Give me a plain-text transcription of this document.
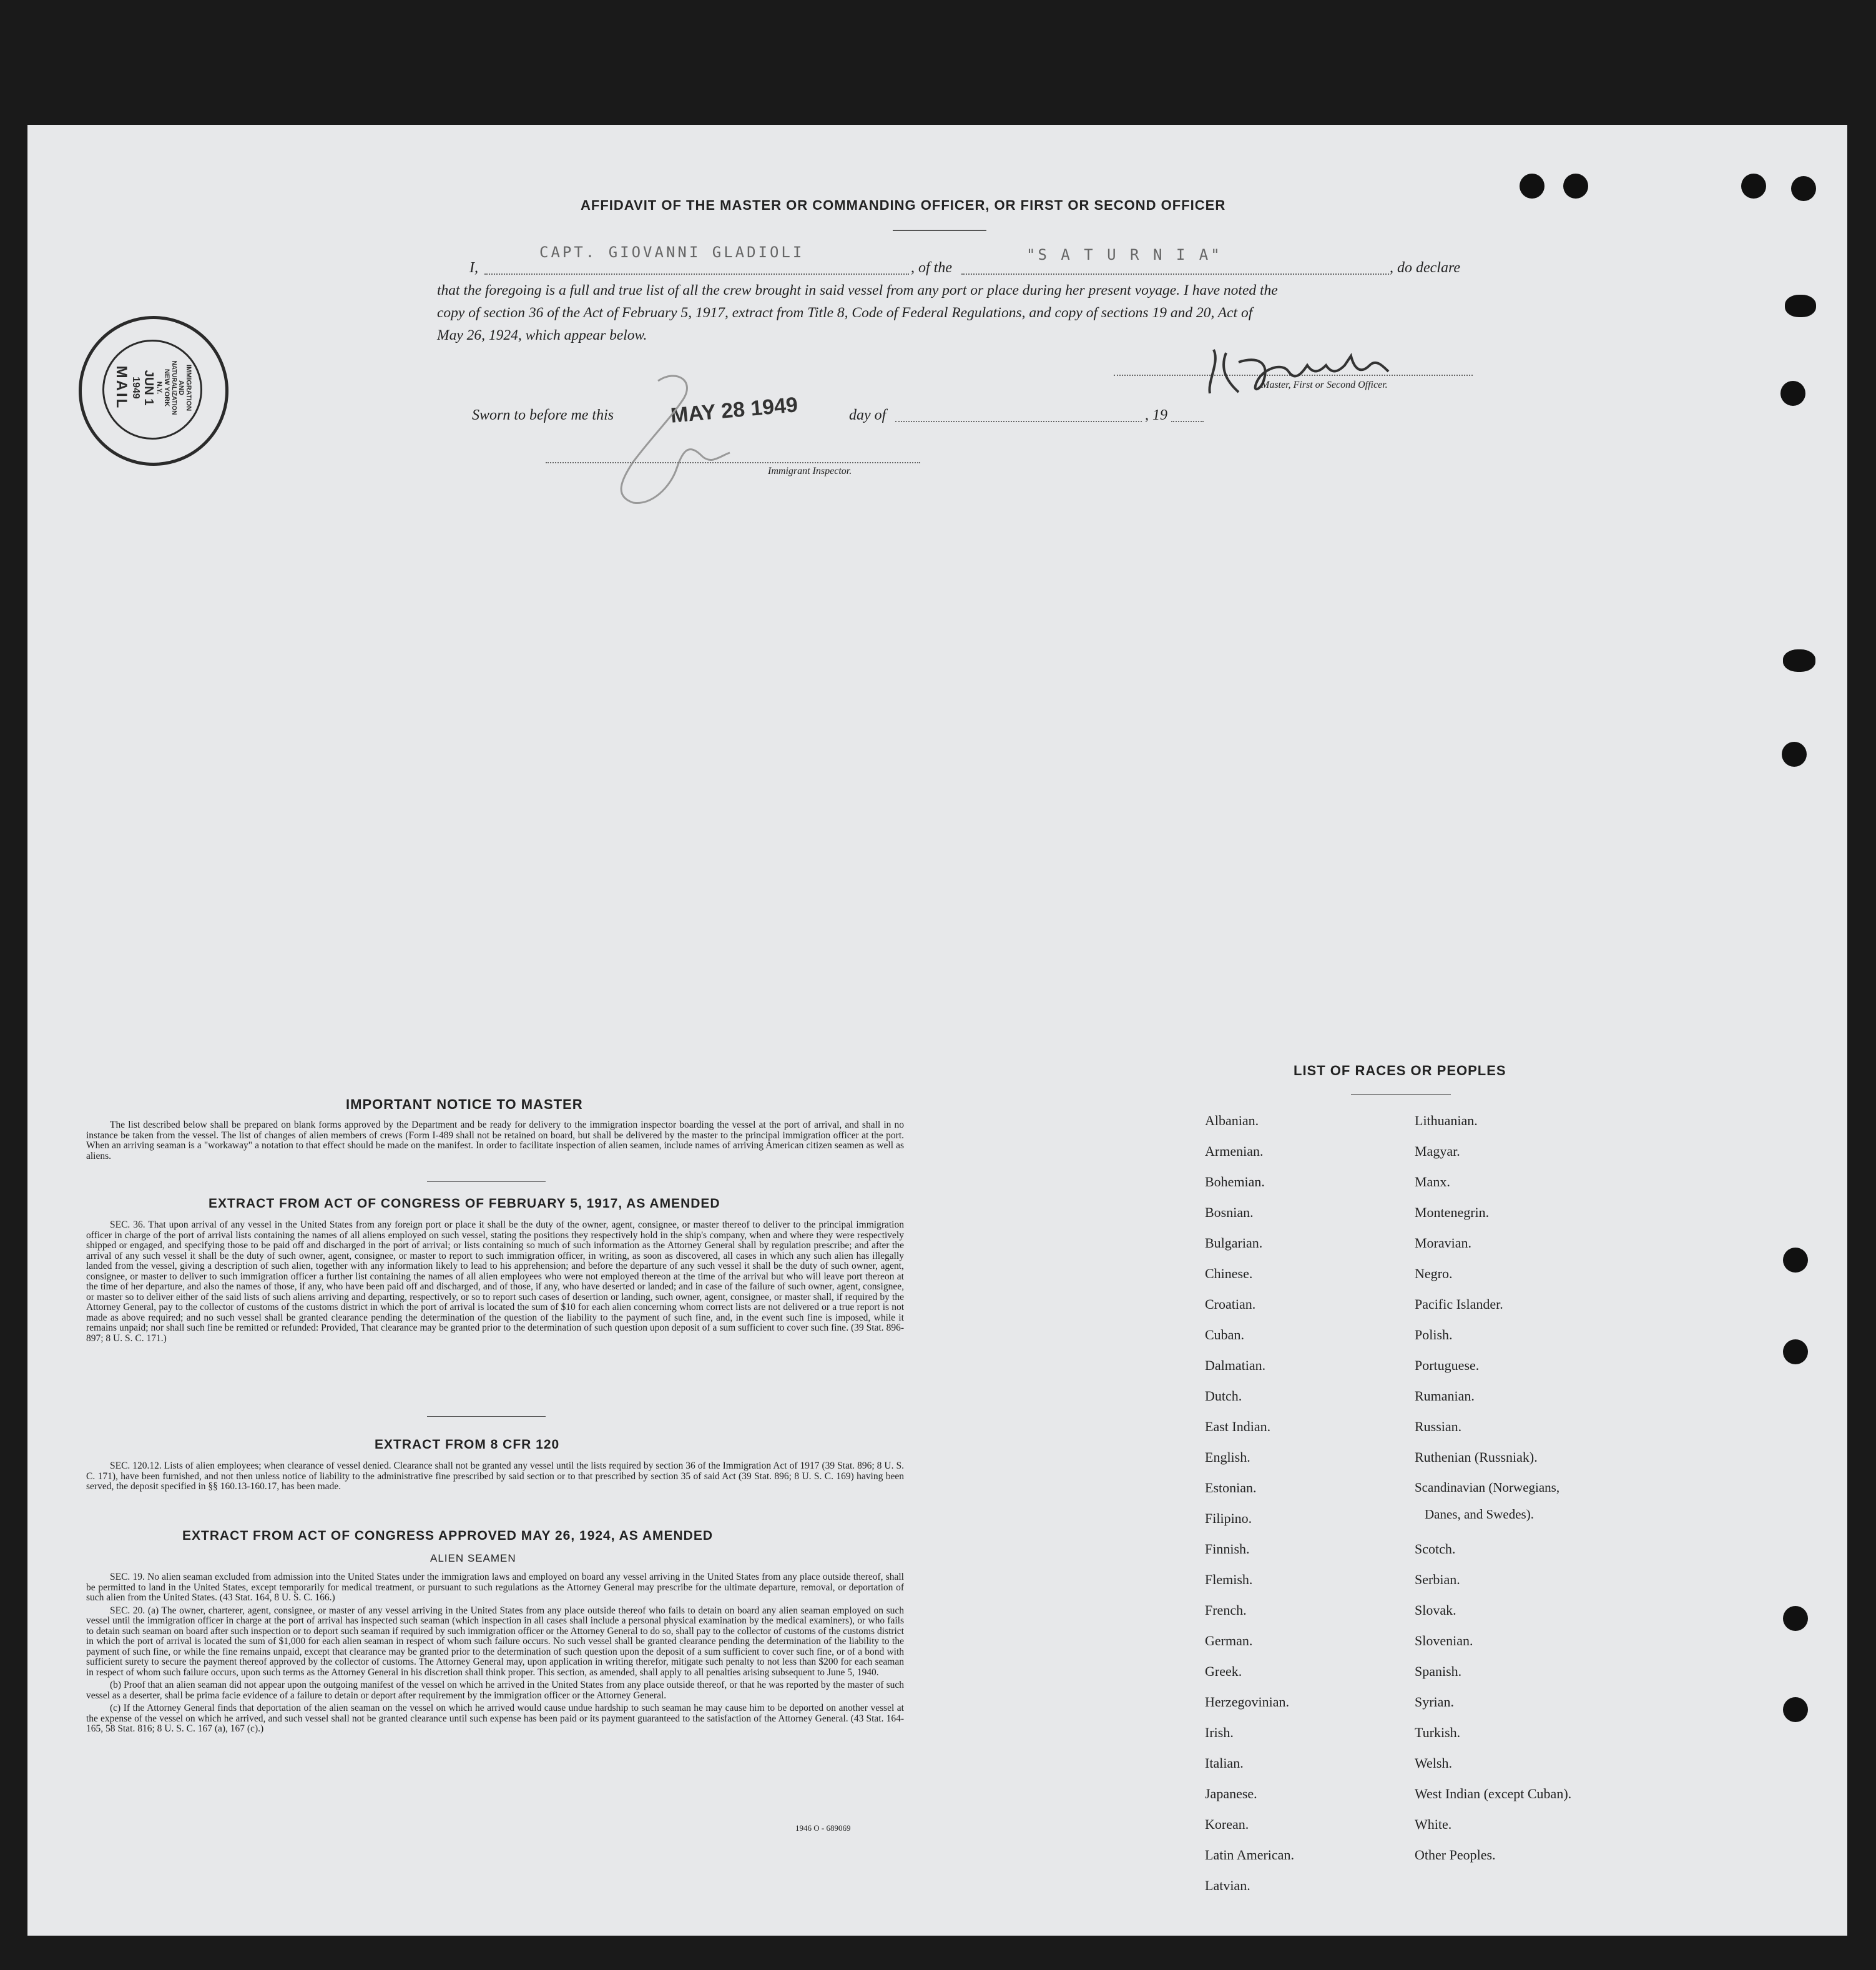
AFFIDAVIT OF THE MASTER OR COMMANDING OFFICER, OR FIRST OR SECOND OFFICER
I,
CAPT. GIOVANNI GLADIOLI
, of the
"S A T U R N I A"
, do declare
that the foregoing is a full and true list of all the crew brought in said vessel from any port or place during her present voyage. I have noted the
copy of section 36 of the Act of February 5, 1917, extract from Title 8, Code of Federal Regulations, and copy of sections 19 and 20, Act of
May 26, 1924, which appear below.
Master, First or Second Officer.
Sworn to before me this	MAY 28 1949	day of	, 19
Immigrant Inspector.
IMMIGRATION
AND
NATURALIZATION
NEW YORK
N.Y.
JUN 1
1949
MAIL
IMPORTANT NOTICE TO MASTER

The list described below shall be prepared on blank forms approved by the Department and be ready for delivery to the immigration inspector boarding the vessel at the port of arrival, and shall in no instance be taken from the vessel. The list of changes of alien members of crews (Form I-489 shall not be retained on board, but shall be delivered by the master to the principal immigration officer at the port. When an arriving seaman is a "workaway" a notation to that effect should be made on the manifest. In order to facilitate inspection of alien seamen, include names of arriving American citizen seamen as well as aliens.

EXTRACT FROM ACT OF CONGRESS OF FEBRUARY 5, 1917, AS AMENDED

SEC. 36. That upon arrival of any vessel in the United States from any foreign port or place it shall be the duty of the owner, agent, consignee, or master thereof to deliver to the principal immigration officer in charge of the port of arrival lists containing the names of all aliens employed on such vessel, stating the positions they respectively hold in the ship's company, when and where they were respectively shipped or engaged, and specifying those to be paid off and discharged in the port of arrival; or lists containing so much of such information as the Attorney General shall by regulation prescribe; and after the arrival of any such vessel it shall be the duty of such owner, agent, consignee, or master to report to such immigration officer, in writing, as soon as discovered, all cases in which any such alien has illegally landed from the vessel, giving a description of such alien, together with any information likely to lead to his apprehension; and before the departure of any such vessel it shall be the duty of such owner, agent, consignee, or master to deliver to such immigration officer a further list containing the names of all alien employees who were not employed thereon at the time of the arrival but who will leave port thereon at the time of her departure, and also the names of those, if any, who have been paid off and discharged, and of those, if any, who have deserted or landed; and in case of the failure of such owner, agent, consignee, or master so to deliver either of the said lists of such aliens arriving and departing, respectively, or so to report such cases of desertion or landing, such owner, agent, consignee, or master shall, if required by the Attorney General, pay to the collector of customs of the customs district in which the port of arrival is located the sum of $10 for each alien concerning whom correct lists are not delivered or a true report is not made as above required; and no such vessel shall be granted clearance pending the determination of the question of the liability to the payment of such fine, and, in the event such fine is imposed, while it remains unpaid; nor shall such fine be remitted or refunded: Provided, That clearance may be granted prior to the determination of such question upon deposit of a sum sufficient to cover such fine. (39 Stat. 896-897; 8 U. S. C. 171.)

EXTRACT FROM 8 CFR 120

SEC. 120.12. Lists of alien employees; when clearance of vessel denied. Clearance shall not be granted any vessel until the lists required by section 36 of the Immigration Act of 1917 (39 Stat. 896; 8 U. S. C. 171), have been furnished, and not then unless notice of liability to the administrative fine prescribed by said section or to that prescribed by section 35 of said Act (39 Stat. 896; 8 U. S. C. 169) having been served, the deposit specified in §§ 160.13-160.17, has been made.

EXTRACT FROM ACT OF CONGRESS APPROVED MAY 26, 1924, AS AMENDED
ALIEN SEAMEN

SEC. 19. No alien seaman excluded from admission into the United States under the immigration laws and employed on board any vessel arriving in the United States from any place outside thereof, shall be permitted to land in the United States, except temporarily for medical treatment, or pursuant to such regulations as the Attorney General may prescribe for the ultimate departure, removal, or deportation of such alien from the United States. (43 Stat. 164, 8 U. S. C. 166.)

SEC. 20. (a) The owner, charterer, agent, consignee, or master of any vessel arriving in the United States from any place outside thereof who fails to detain on board any alien seaman employed on such vessel until the immigration officer in charge at the port of arrival has inspected such seaman (which inspection in all cases shall include a personal physical examination by the medical examiners), or who fails to detain such seaman on board after such inspection or to deport such seaman if required by such immigration officer or the Attorney General to do so, shall pay to the collector of customs of the customs district in which the port of arrival is located the sum of $1,000 for each alien seaman in respect of whom such failure occurs. No such vessel shall be granted clearance pending the determination of the liability to the payment of such fine, or while the fine remains unpaid, except that clearance may be granted prior to the determination of such question upon the deposit of a sum sufficient to cover such fine, or of a bond with sufficient surety to secure the payment thereof approved by the collector of customs. The Attorney General may, upon application in writing therefor, mitigate such penalty to not less than $200 for each seaman in respect of whom such failure occurs, upon such terms as the Attorney General in his discretion shall think proper. This section, as amended, shall apply to all penalties arising subsequent to June 5, 1940.

(b) Proof that an alien seaman did not appear upon the outgoing manifest of the vessel on which he arrived in the United States from any place outside thereof, or that he was reported by the master of such vessel as a deserter, shall be prima facie evidence of a failure to detain or deport after requirement by the immigration officer or the Attorney General.

(c) If the Attorney General finds that deportation of the alien seaman on the vessel on which he arrived would cause undue hardship to such seaman he may cause him to be deported on another vessel at the expense of the vessel on which he arrived, and such vessel shall not be granted clearance until such expense has been paid or its payment guaranteed to the satisfaction of the Attorney General. (43 Stat. 164-165, 58 Stat. 816; 8 U. S. C. 167 (a), 167 (c).)

1946 O - 689069
LIST OF RACES OR PEOPLES
Albanian.
Armenian.
Bohemian.
Bosnian.
Bulgarian.
Chinese.
Croatian.
Cuban.
Dalmatian.
Dutch.
East Indian.
English.
Estonian.
Filipino.
Finnish.
Flemish.
French.
German.
Greek.
Herzegovinian.
Irish.
Italian.
Japanese.
Korean.
Latin American.
Latvian.
Lithuanian.
Magyar.
Manx.
Montenegrin.
Moravian.
Negro.
Pacific Islander.
Polish.
Portuguese.
Rumanian.
Russian.
Ruthenian (Russniak).
Scandinavian (Norwegians,
Scotch.
Serbian.
Slovak.
Slovenian.
Spanish.
Syrian.
Turkish.
Welsh.
West Indian (except Cuban).
White.
Other Peoples.
Danes, and Swedes).
